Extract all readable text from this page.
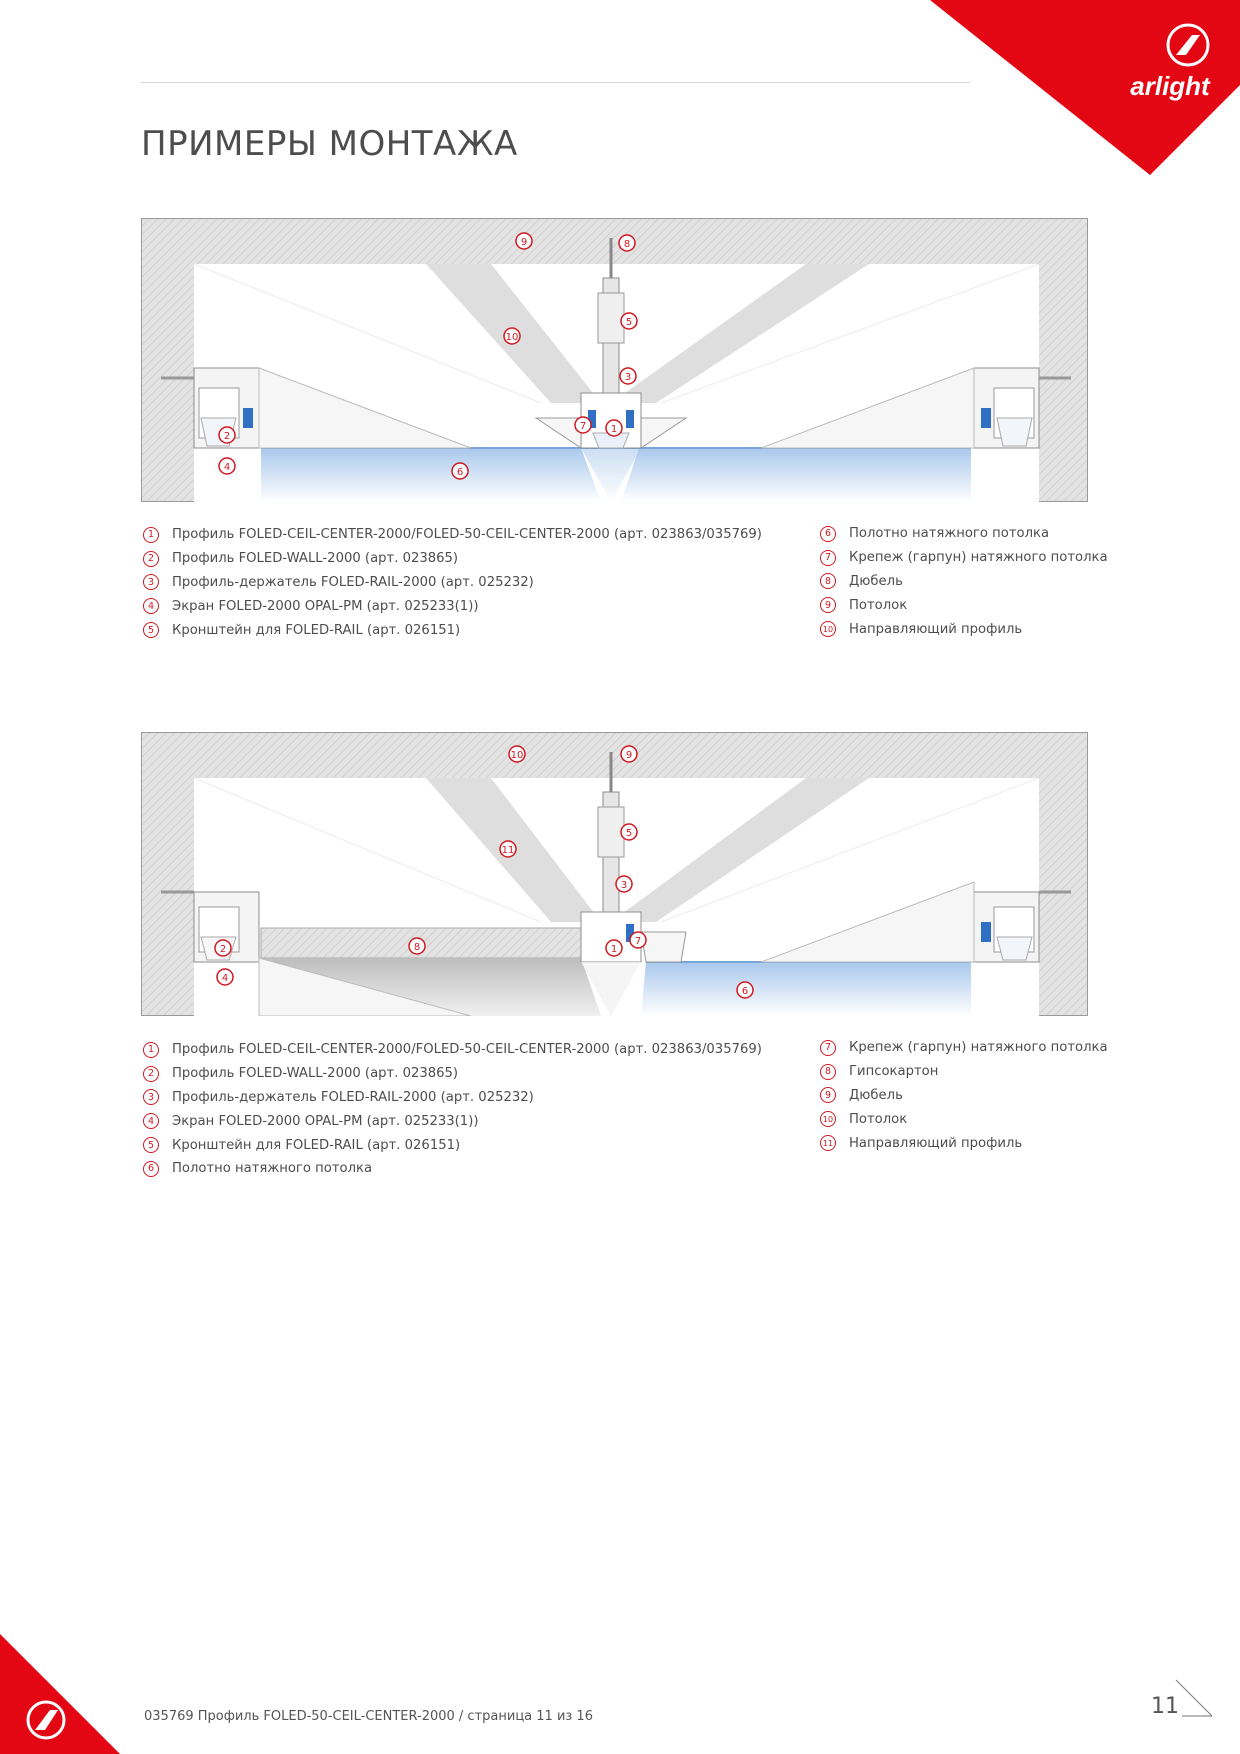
arlight
ПРИМЕРЫ МОНТАЖА
9	8
10
5
3
7 1
2
4	6
1	Профиль FOLED-CEIL-CENTER-2000/FOLED-50-CEIL-CENTER-2000 (арт. 023863/035769)
2	Профиль FOLED-WALL-2000 (арт. 023865)
3	Профиль-держатель FOLED-RAIL-2000 (арт. 025232)
4	Экран FOLED-2000 OPAL-PM (арт. 025233(1))
5	Кронштейн для FOLED-RAIL (арт. 026151)
6	Полотно натяжного потолка
7	Крепеж (гарпун) натяжного потолка
8	Дюбель
9	Потолок
10 Направляющий профиль
10	9
11
5
3
8
2	1
7
4
6
1	Профиль FOLED-CEIL-CENTER-2000/FOLED-50-CEIL-CENTER-2000 (арт. 023863/035769)
2	Профиль FOLED-WALL-2000 (арт. 023865)
3	Профиль-держатель FOLED-RAIL-2000 (арт. 025232)
4	Экран FOLED-2000 OPAL-PM (арт. 025233(1))
5	Кронштейн для FOLED-RAIL (арт. 026151)
6	Полотно натяжного потолка
7	Крепеж (гарпун) натяжного потолка
8	Гипсокартон
9	Дюбель
10 Потолок
11 Направляющий профиль
035769 Профиль FOLED-50-CEIL-CENTER-2000 / страница 11 из 16	11
